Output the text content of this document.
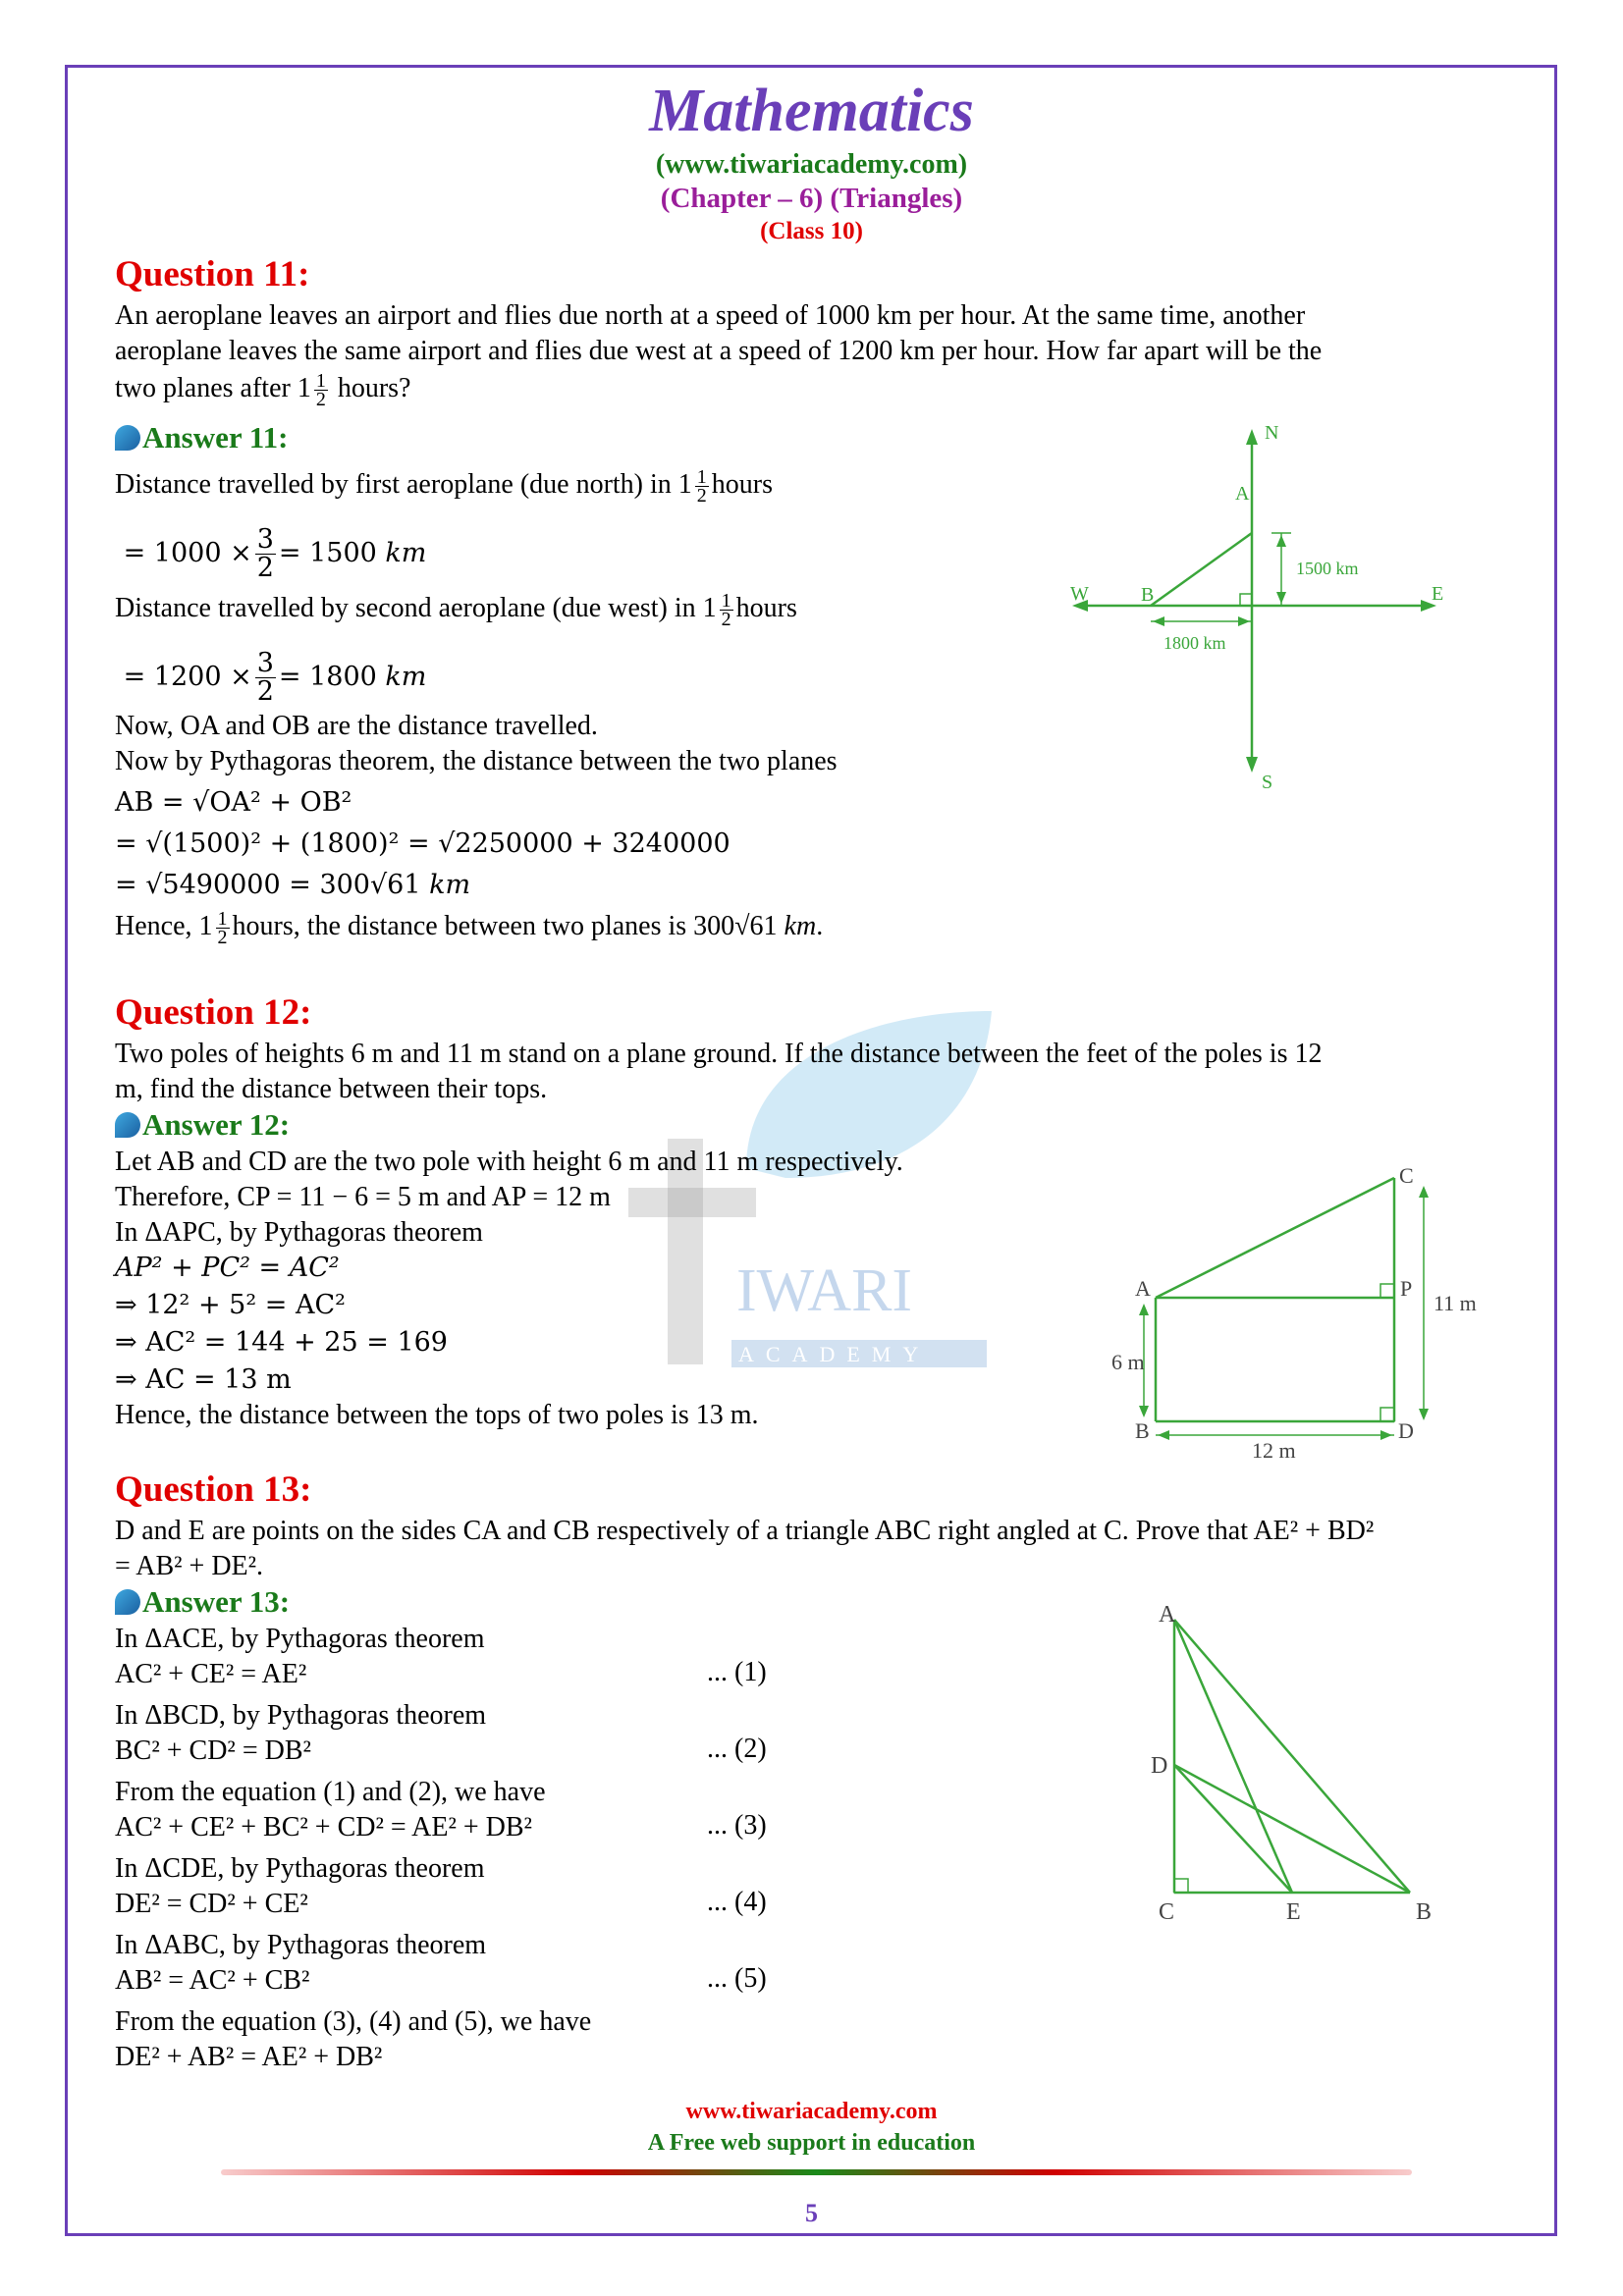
IWARI
ACADEMY
Mathematics
(www.tiwariacademy.com)
(Chapter – 6) (Triangles)
(Class 10)
Question 11:
An aeroplane leaves an airport and flies due north at a speed of 1000 km per hour. At the same time, another
aeroplane leaves the same airport and flies due west at a speed of 1200 km per hour. How far apart will be the
two planes after $1 \frac{1}{2}$ hours?
Answer 11:
Distance travelled by first aeroplane (due north) in $1 \frac{1}{2}$ hours
= $1000 \times \frac{3}{2} = 1500$ km
Distance travelled by second aeroplane (due west) in $1 \frac{1}{2}$ hours
= $1200 \times \frac{3}{2} = 1800$ km
Now, OA and OB are the distance travelled.
Now by Pythagoras theorem, the distance between the two planes
AB = √OA² + OB²
= √(1500)² + (1800)² = √2250000 + 3240000
= √5490000 = 300√61 km
Hence, $1 \frac{1}{2}$ hours, the distance between two planes is 300√61 km.
N
S
E
W
A
B
1500 km
1800 km
Question 12:
Two poles of heights 6 m and 11 m stand on a plane ground. If the distance between the feet of the poles is 12
m, find the distance between their tops.
Answer 12:
Let AB and CD are the two pole with height 6 m and 11 m respectively.
Therefore, CP = 11 − 6 = 5 m and AP = 12 m
In ΔAPC, by Pythagoras theorem
AP² + PC² = AC²
⇒ 12² + 5² = AC²
⇒ AC² = 144 + 25 = 169
⇒ AC = 13 m
Hence, the distance between the tops of two poles is 13 m.
A
B
C
D
P
6 m
11 m
12 m
Question 13:
D and E are points on the sides CA and CB respectively of a triangle ABC right angled at C. Prove that AE² + BD²
= AB² + DE².
Answer 13:
In ΔACE, by Pythagoras theorem
AC² + CE² = AE²	... (1)
In ΔBCD, by Pythagoras theorem
BC² + CD² = DB²	... (2)
From the equation (1) and (2), we have
AC² + CE² + BC² + CD² = AE² + DB²	... (3)
In ΔCDE, by Pythagoras theorem
DE² = CD² + CE²	... (4)
In ΔABC, by Pythagoras theorem
AB² = AC² + CB²	... (5)
From the equation (3), (4) and (5), we have
DE² + AB² = AE² + DB²
A
D
C	E	B
www.tiwariacademy.com
A Free web support in education
5
